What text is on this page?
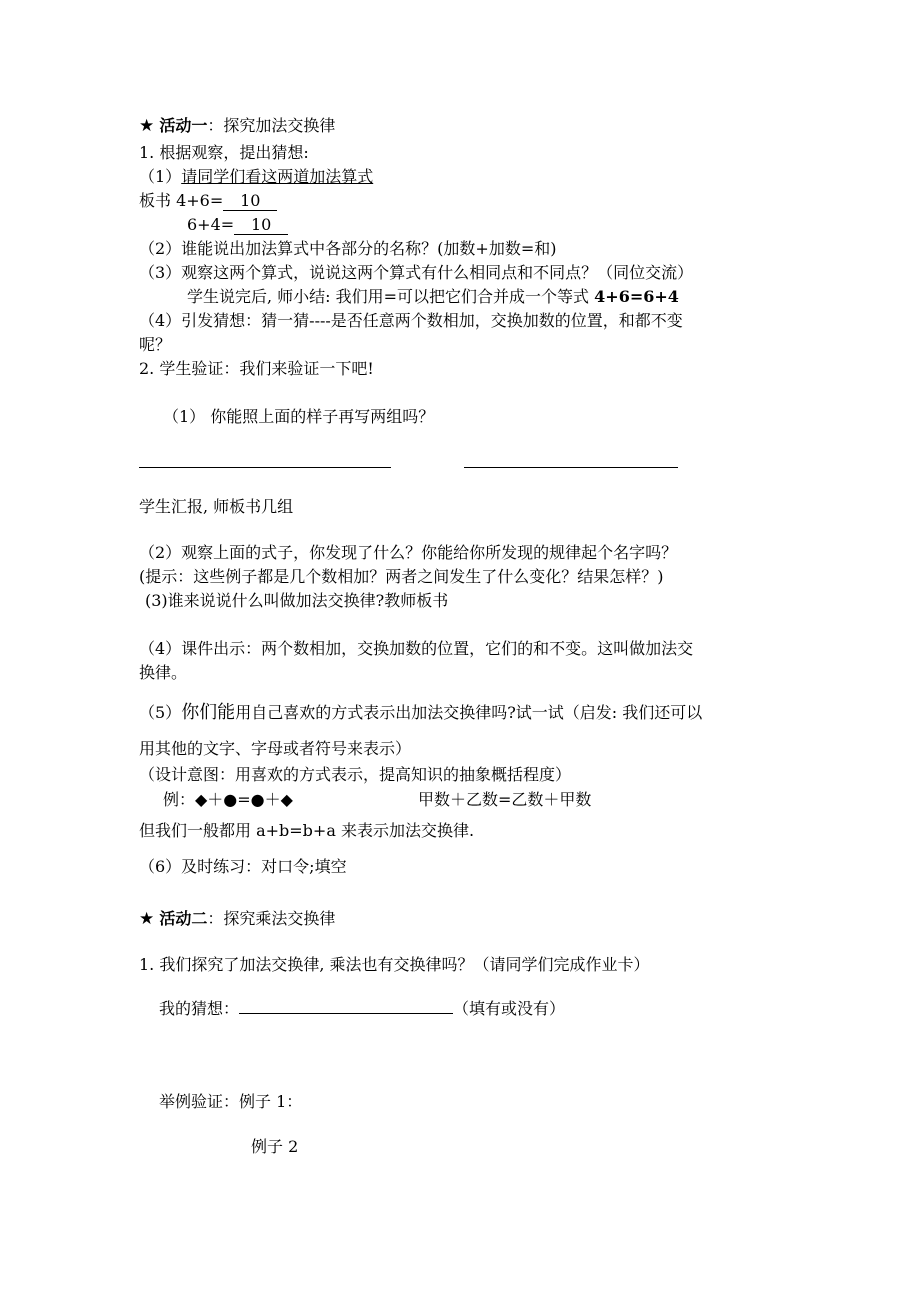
★ 活动一：探究加法交换律
1. 根据观察，提出猜想:
（1）请同学们看这两道加法算式
板书 4+6= 10
6+4= 10
（2）谁能说出加法算式中各部分的名称？(加数+加数=和)
（3）观察这两个算式，说说这两个算式有什么相同点和不同点？（同位交流）
学生说完后, 师小结: 我们用=可以把它们合并成一个等式 4+6=6+4
（4）引发猜想：猜一猜----是否任意两个数相加，交换加数的位置，和都不变
呢？
2. 学生验证：我们来验证一下吧!
（1） 你能照上面的样子再写两组吗？
学生汇报, 师板书几组
（2）观察上面的式子，你发现了什么？你能给你所发现的规律起个名字吗？
(提示：这些例子都是几个数相加？两者之间发生了什么变化？结果怎样？)
(3)谁来说说什么叫做加法交换律?教师板书
（4）课件出示：两个数相加，交换加数的位置，它们的和不变。这叫做加法交
换律。
（5）你们能用自己喜欢的方式表示出加法交换律吗?试一试（启发: 我们还可以
用其他的文字、字母或者符号来表示）
（设计意图：用喜欢的方式表示，提高知识的抽象概括程度）
例：◆＋●=●＋◆	甲数＋乙数=乙数＋甲数
但我们一般都用 a+b=b+a 来表示加法交换律.
（6）及时练习：对口令;填空
★ 活动二：探究乘法交换律
1. 我们探究了加法交换律, 乘法也有交换律吗？（请同学们完成作业卡）
我的猜想：	（填有或没有）
举例验证：例子 1：
例子 2
